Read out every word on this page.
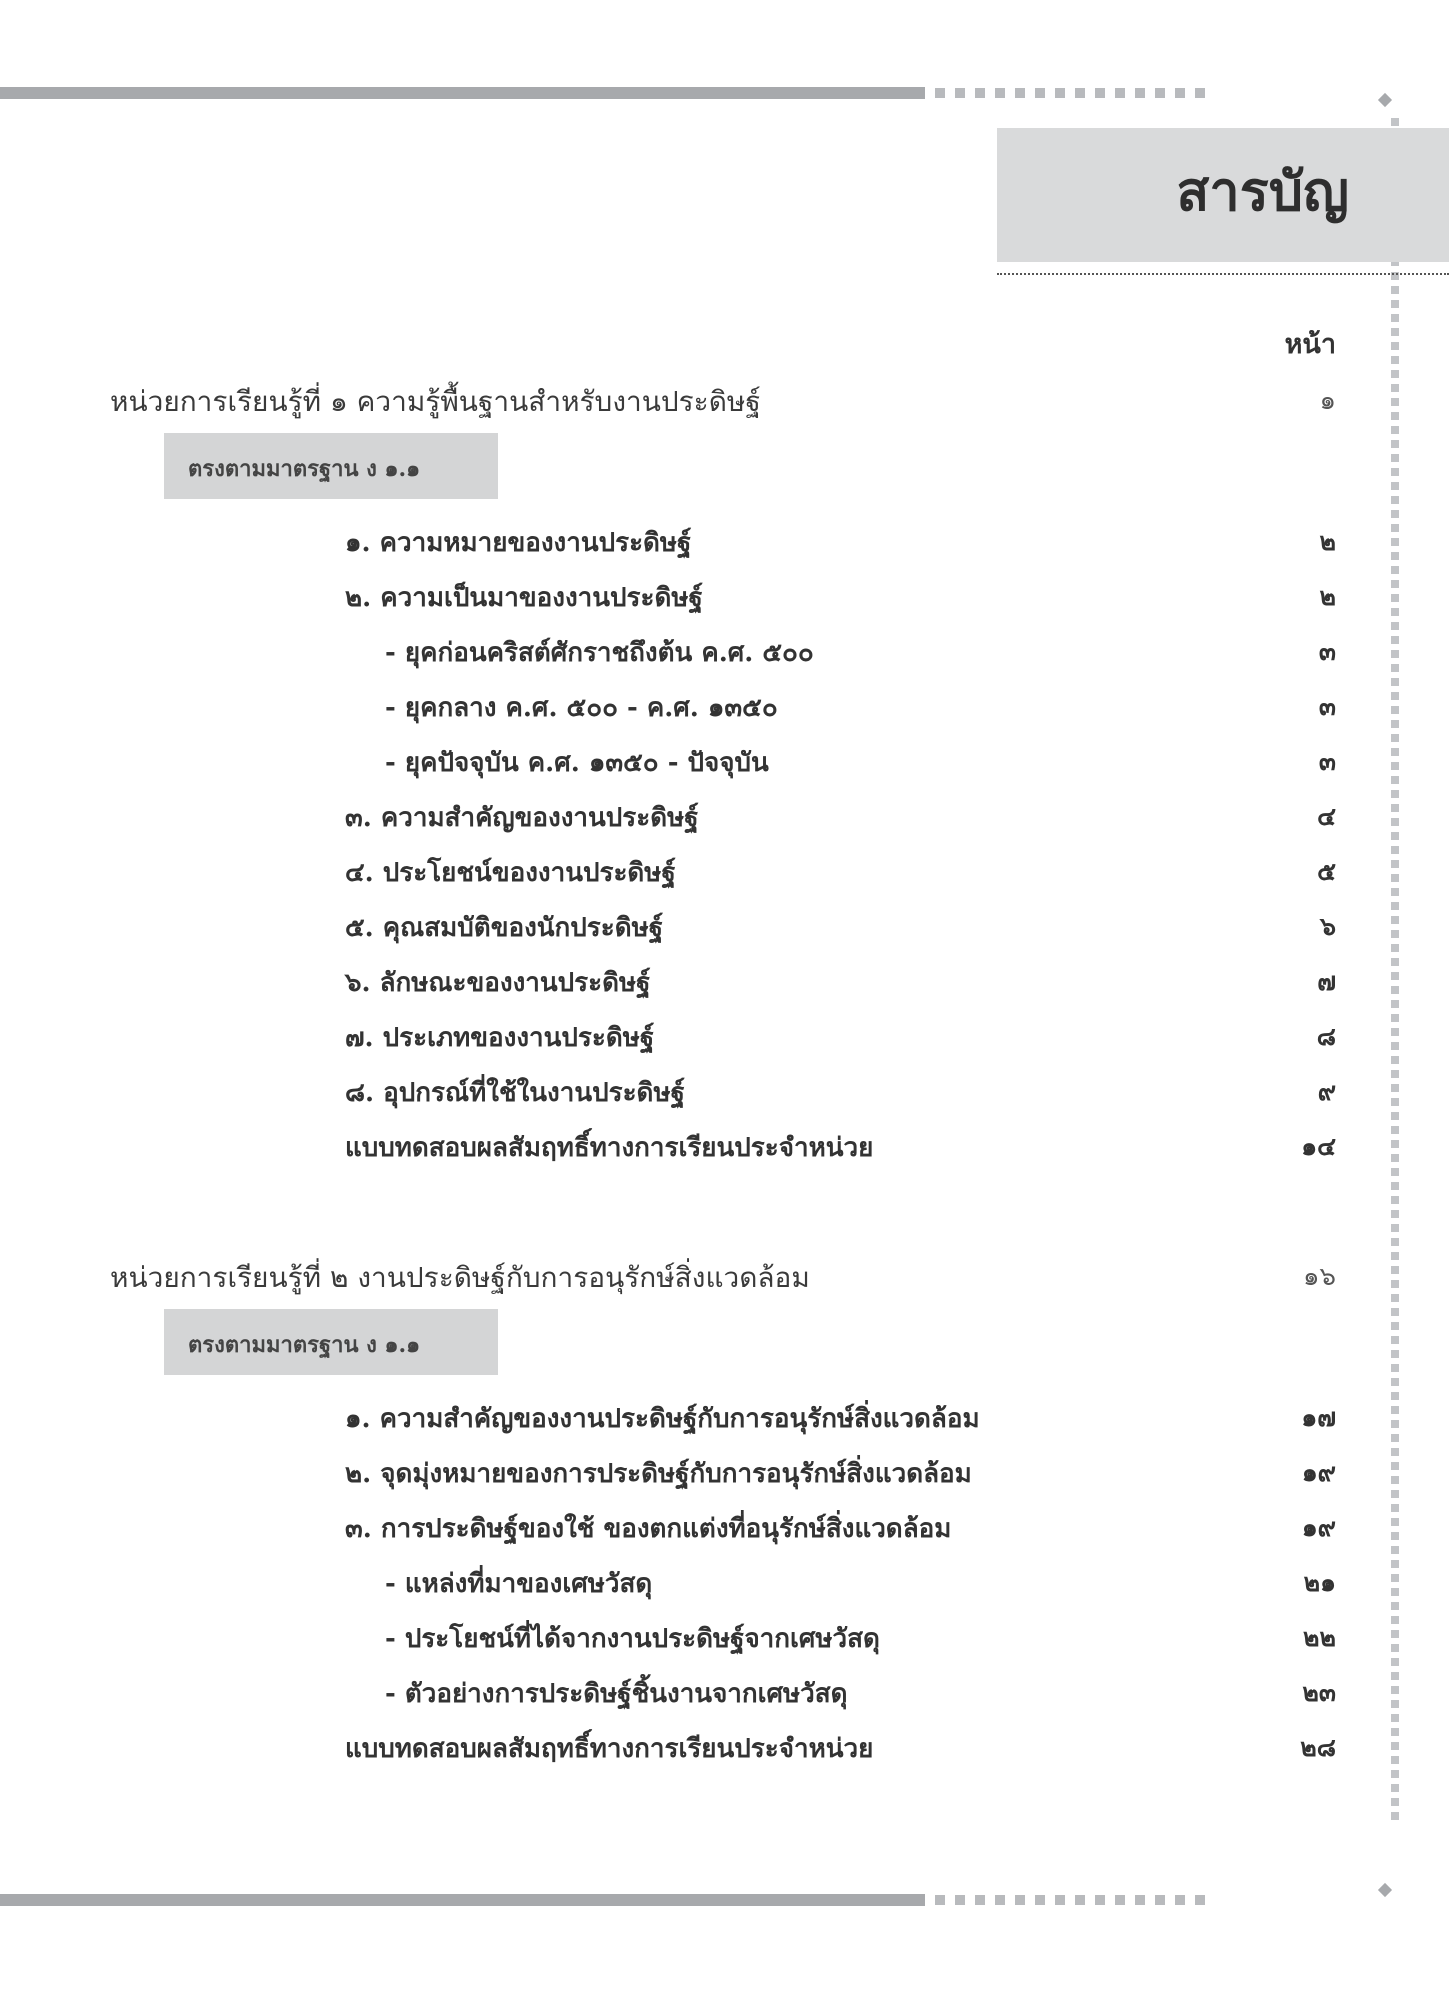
สารบัญ
หน้า
หน่วยการเรียนรู้ที่ ๑ ความรู้พื้นฐานสำหรับงานประดิษฐ์	๑
ตรงตามมาตรฐาน ง ๑.๑
๑. ความหมายของงานประดิษฐ์	๒
๒. ความเป็นมาของงานประดิษฐ์	๒
- ยุคก่อนคริสต์ศักราชถึงต้น ค.ศ. ๕๐๐	๓
- ยุคกลาง ค.ศ. ๕๐๐ - ค.ศ. ๑๓๕๐	๓
- ยุคปัจจุบัน ค.ศ. ๑๓๕๐ - ปัจจุบัน	๓
๓. ความสำคัญของงานประดิษฐ์	๔
๔. ประโยชน์ของงานประดิษฐ์	๕
๕. คุณสมบัติของนักประดิษฐ์	๖
๖. ลักษณะของงานประดิษฐ์	๗
๗. ประเภทของงานประดิษฐ์	๘
๘. อุปกรณ์ที่ใช้ในงานประดิษฐ์	๙
แบบทดสอบผลสัมฤทธิ์ทางการเรียนประจำหน่วย	๑๔
หน่วยการเรียนรู้ที่ ๒ งานประดิษฐ์กับการอนุรักษ์สิ่งแวดล้อม	๑๖
ตรงตามมาตรฐาน ง ๑.๑
๑. ความสำคัญของงานประดิษฐ์กับการอนุรักษ์สิ่งแวดล้อม	๑๗
๒. จุดมุ่งหมายของการประดิษฐ์กับการอนุรักษ์สิ่งแวดล้อม	๑๙
๓. การประดิษฐ์ของใช้ ของตกแต่งที่อนุรักษ์สิ่งแวดล้อม	๑๙
- แหล่งที่มาของเศษวัสดุ	๒๑
- ประโยชน์ที่ได้จากงานประดิษฐ์จากเศษวัสดุ	๒๒
- ตัวอย่างการประดิษฐ์ชิ้นงานจากเศษวัสดุ	๒๓
แบบทดสอบผลสัมฤทธิ์ทางการเรียนประจำหน่วย	๒๘
